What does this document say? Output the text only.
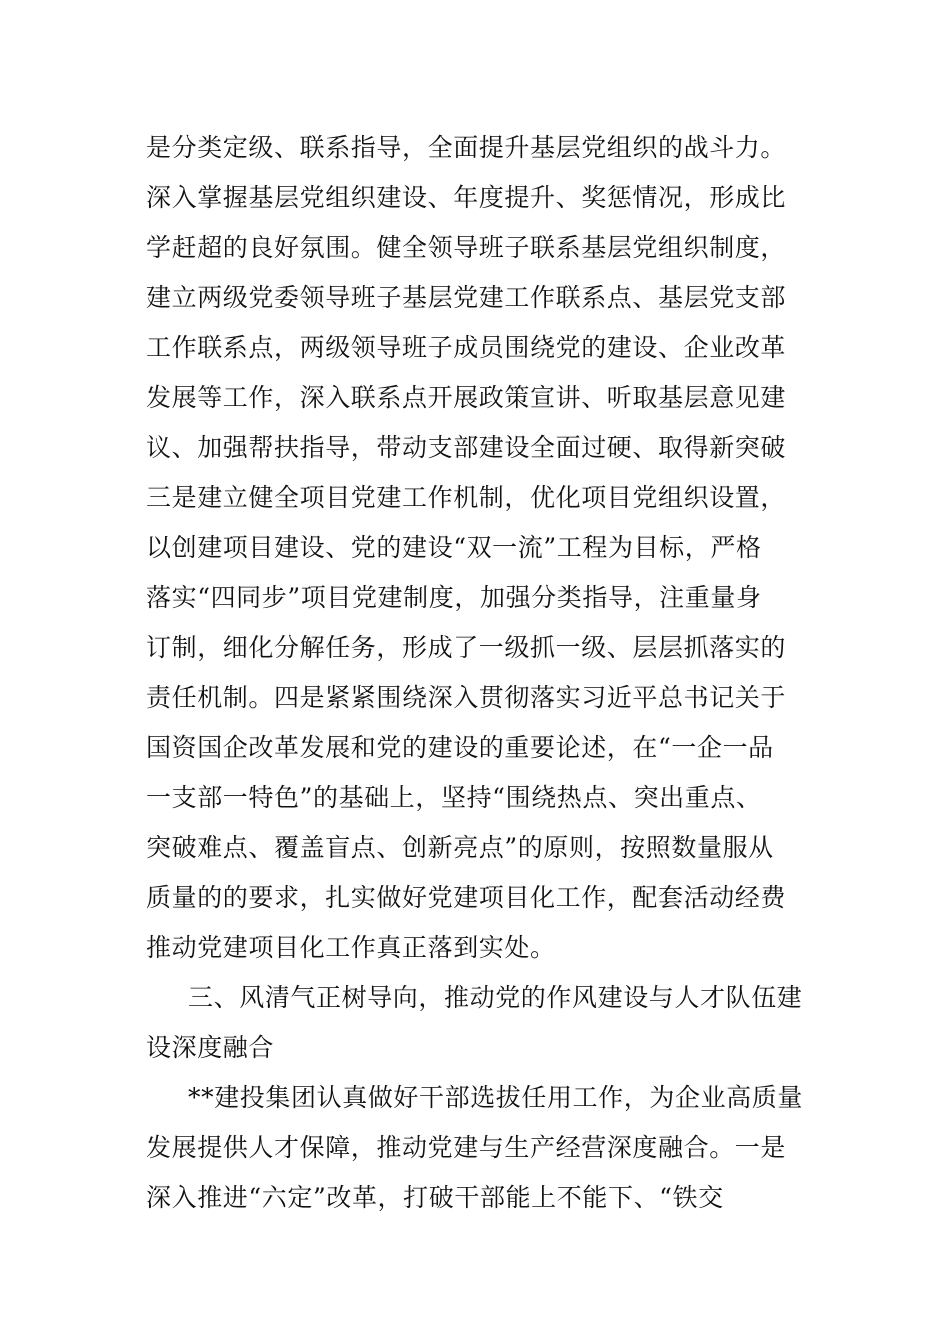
是分类定级、联系指导，全面提升基层党组织的战斗力。
深入掌握基层党组织建设、年度提升、奖惩情况，形成比
学赶超的良好氛围。健全领导班子联系基层党组织制度，
建立两级党委领导班子基层党建工作联系点、基层党支部
工作联系点，两级领导班子成员围绕党的建设、企业改革
发展等工作，深入联系点开展政策宣讲、听取基层意见建
议、加强帮扶指导，带动支部建设全面过硬、取得新突破
三是建立健全项目党建工作机制，优化项目党组织设置，
以创建项目建设、党的建设“双一流”工程为目标，严格
落实“四同步”项目党建制度，加强分类指导，注重量身
订制，细化分解任务，形成了一级抓一级、层层抓落实的
责任机制。四是紧紧围绕深入贯彻落实习近平总书记关于
国资国企改革发展和党的建设的重要论述，在“一企一品
一支部一特色”的基础上，坚持“围绕热点、突出重点、
突破难点、覆盖盲点、创新亮点”的原则，按照数量服从
质量的的要求，扎实做好党建项目化工作，配套活动经费
推动党建项目化工作真正落到实处。
三、风清气正树导向，推动党的作风建设与人才队伍建
设深度融合
**建投集团认真做好干部选拔任用工作，为企业高质量
发展提供人才保障，推动党建与生产经营深度融合。一是
深入推进“六定”改革，打破干部能上不能下、“铁交
